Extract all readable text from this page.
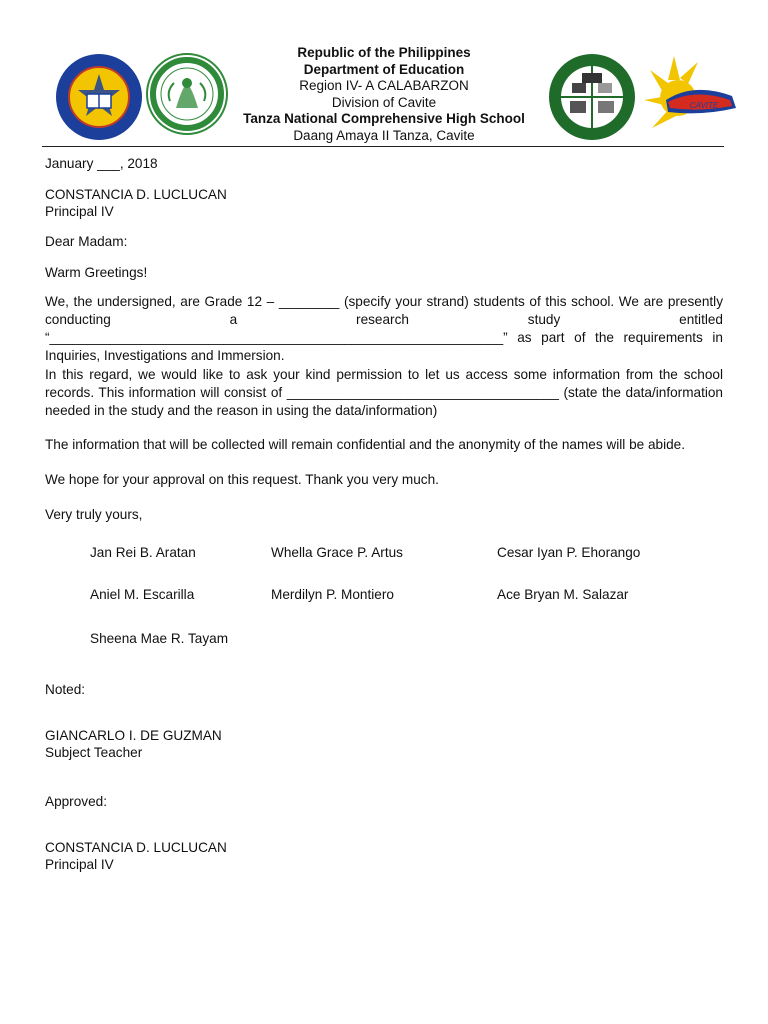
CAVITE
Republic of the Philippines
Department of Education
Region IV- A CALABARZON
Division of Cavite
Tanza National Comprehensive High School
Daang Amaya II Tanza, Cavite
January ___, 2018
CONSTANCIA D. LUCLUCAN
Principal IV
Dear Madam:
Warm Greetings!
We, the undersigned, are Grade 12 – ________ (specify your strand) students of this school. We are presently conducting a research study entitled “____________________________________________________________” as part of the requirements in Inquiries, Investigations and Immersion.
In this regard, we would like to ask your kind permission to let us access some information from the school records. This information will consist of ____________________________________ (state the data/information needed in the study and the reason in using the data/information)
The information that will be collected will remain confidential and the anonymity of the names will be abide.
We hope for your approval on this request. Thank you very much.
Very truly yours,
Jan Rei B. Aratan	Whella Grace P. Artus	Cesar Iyan P. Ehorango
Aniel M. Escarilla	Merdilyn P. Montiero	Ace Bryan M. Salazar
Sheena Mae R. Tayam
Noted:
GIANCARLO I. DE GUZMAN
Subject Teacher
Approved:
CONSTANCIA D. LUCLUCAN
Principal IV
